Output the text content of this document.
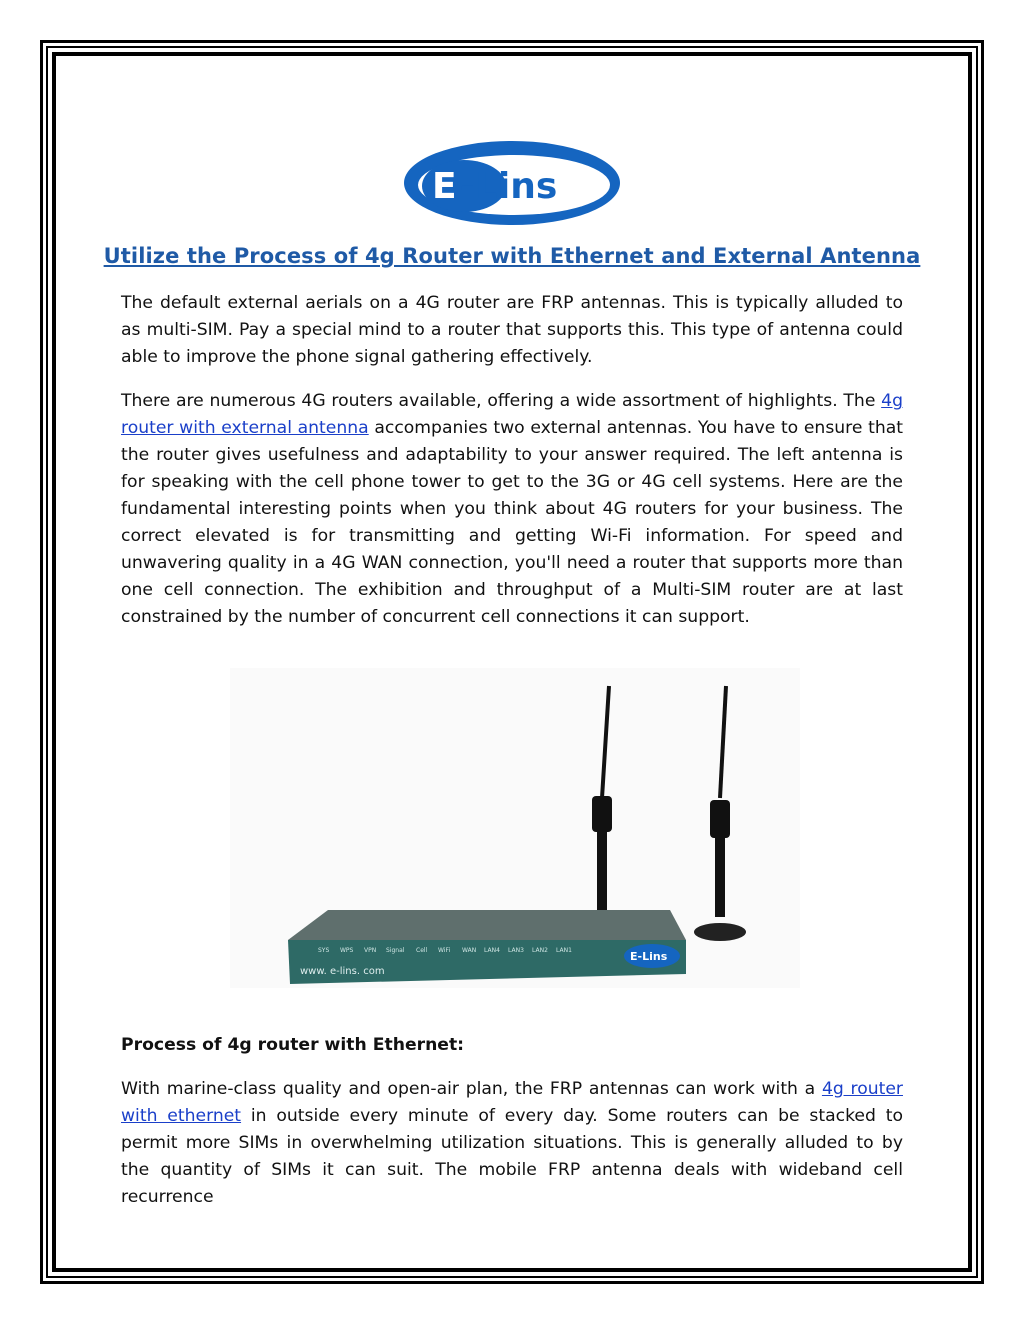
E -Lins
Utilize the Process of 4g Router with Ethernet and External Antenna

The default external aerials on a 4G router are FRP antennas. This is typically alluded to as multi-SIM. Pay a special mind to a router that supports this. This type of antenna could able to improve the phone signal gathering effectively.

There are numerous 4G routers available, offering a wide assortment of highlights. The 4g router with external antenna accompanies two external antennas. You have to ensure that the router gives usefulness and adaptability to your answer required. The left antenna is for speaking with the cell phone tower to get to the 3G or 4G cell systems. Here are the fundamental interesting points when you think about 4G routers for your business. The correct elevated is for transmitting and getting Wi-Fi information. For speed and unwavering quality in a 4G WAN connection, you'll need a router that supports more than one cell connection. The exhibition and throughput of a Multi-SIM router are at last constrained by the number of concurrent cell connections it can support.

SYS WPS VPN Signal Cell WiFi WAN LAN4 LAN3 LAN2 LAN1
www. e-lins. com
E-Lins
Process of 4g router with Ethernet:

With marine-class quality and open-air plan, the FRP antennas can work with a 4g router with ethernet in outside every minute of every day. Some routers can be stacked to permit more SIMs in overwhelming utilization situations. This is generally alluded to by the quantity of SIMs it can suit. The mobile FRP antenna deals with wideband cell recurrence
